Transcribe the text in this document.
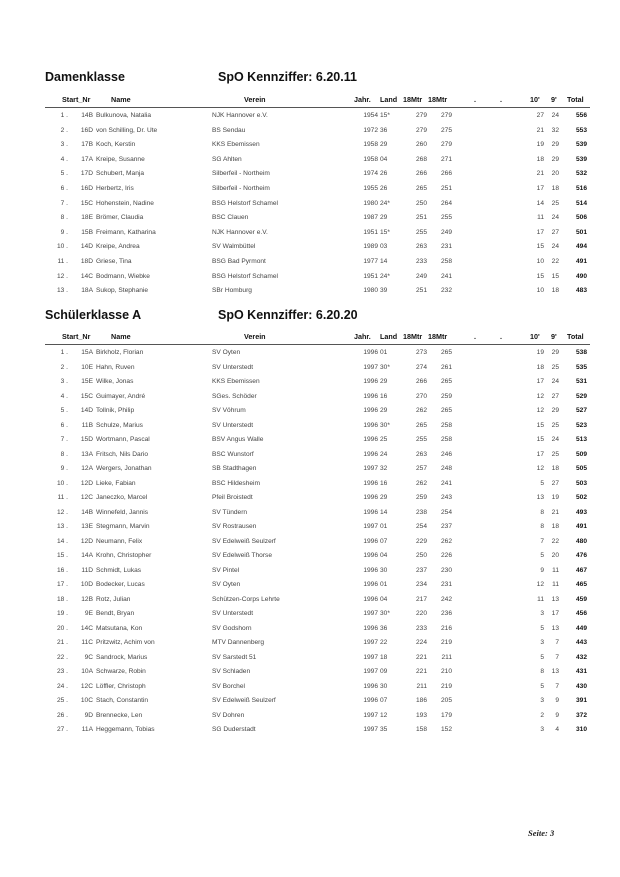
Damenklasse	SpO Kennziffer: 6.20.11
Start_Nr	Name	Verein	Jahr. Land 18Mtr 18Mtr	.	.	10' 9' Total
1 .	14B Bulkunova, Natalia	NJK Hannover e.V.	1954 15*	279	279	27	24	556
2 .	16D von Schilling, Dr. Ute	BS Sendau	1972 36	279	275	21	32	553
3 .	17B Koch, Kerstin	KKS Ebemissen	1958 29	260	279	19	29	539
4 .	17A Kreipe, Susanne	SG Ahlten	1958 04	268	271	18	29	539
5 .	17D Schubert, Manja	Silberfeil - Northeim	1974 26	266	266	21	20	532
6 .	16D Herbertz, Iris	Silberfeil - Northeim	1955 26	265	251	17	18	516
7 .	15C Hohenstein, Nadine	BSG Helstorf Schamel	1980 24*	250	264	14	25	514
8 .	18E Brömer, Claudia	BSC Clauen	1987 29	251	255	11	24	506
9 .	15B Freimann, Katharina	NJK Hannover e.V.	1951 15*	255	249	17	27	501
10 .	14D Kreipe, Andrea	SV Walmbüttel	1989 03	263	231	15	24	494
11 .	18D Griese, Tina	BSG Bad Pyrmont	1977 14	233	258	10	22	491
12 .	14C Bodmann, Wiebke	BSG Helstorf Schamel	1951 24*	249	241	15	15	490
13 .	18A Sukop, Stephanie	SBr Homburg	1980 39	251	232	10	18	483
Schülerklasse A	SpO Kennziffer: 6.20.20
Start_Nr	Name	Verein	Jahr. Land 18Mtr 18Mtr	.	.	10' 9' Total
1 .	15A Birkholz, Florian	SV Oyten	1996 01	273	265	19	29	538
2 .	10E Hahn, Ruven	SV Unterstedt	1997 30*	274	261	18	25	535
3 .	15E Wilke, Jonas	KKS Ebemissen	1996 29	266	265	17	24	531
4 .	15C Guimayer, André	SGes. Schöder	1996 16	270	259	12	27	529
5 .	14D Tollnik, Philip	SV Vöhrum	1996 29	262	265	12	29	527
6 .	11B Schulze, Marius	SV Unterstedt	1996 30*	265	258	15	25	523
7 .	15D Wortmann, Pascal	BSV Angus Walle	1996 25	255	258	15	24	513
8 .	13A Fritsch, Nils Dario	BSC Wunstorf	1996 24	263	246	17	25	509
9 .	12A Wergers, Jonathan	SB Stadthagen	1997 32	257	248	12	18	505
10 .	12D Lieke, Fabian	BSC Hildesheim	1996 16	262	241	5	27	503
11 .	12C Janeczko, Marcel	Pfeil Broistedt	1996 29	259	243	13	19	502
12 .	14B Winnefeld, Jannis	SV Tündern	1996 14	238	254	8	21	493
13 .	13E Stegmann, Marvin	SV Rostrausen	1997 01	254	237	8	18	491
14 .	12D Neumann, Felix	SV Edelweiß Seulzerf	1996 07	229	262	7	22	480
15 .	14A Krohn, Christopher	SV Edelweiß Thorse	1996 04	250	226	5	20	476
16 .	11D Schmidt, Lukas	SV Pintel	1996 30	237	230	9	11	467
17 .	10D Bodecker, Lucas	SV Oyten	1996 01	234	231	12	11	465
18 .	12B Rotz, Julian	Schützen-Corps Lehrte	1996 04	217	242	11	13	459
19 .	9E Bendt, Bryan	SV Unterstedt	1997 30*	220	236	3	17	456
20 .	14C Matsutana, Kon	SV Godshorn	1996 36	233	216	5	13	449
21 .	11C Pritzwitz, Achim von	MTV Dannenberg	1997 22	224	219	3	7	443
22 .	9C Sandrock, Marius	SV Sarstedt 51	1997 18	221	211	5	7	432
23 .	10A Schwarze, Robin	SV Schladen	1997 09	221	210	8	13	431
24 .	12C Löffler, Christoph	SV Borchel	1996 30	211	219	5	7	430
25 .	10C Stach, Constantin	SV Edelweiß Seulzerf	1996 07	186	205	3	9	391
26 .	9D Brennecke, Len	SV Dohren	1997 12	193	179	2	9	372
27 .	11A Heggemann, Tobias	SG Duderstadt	1997 35	158	152	3	4	310
Seite: 3
